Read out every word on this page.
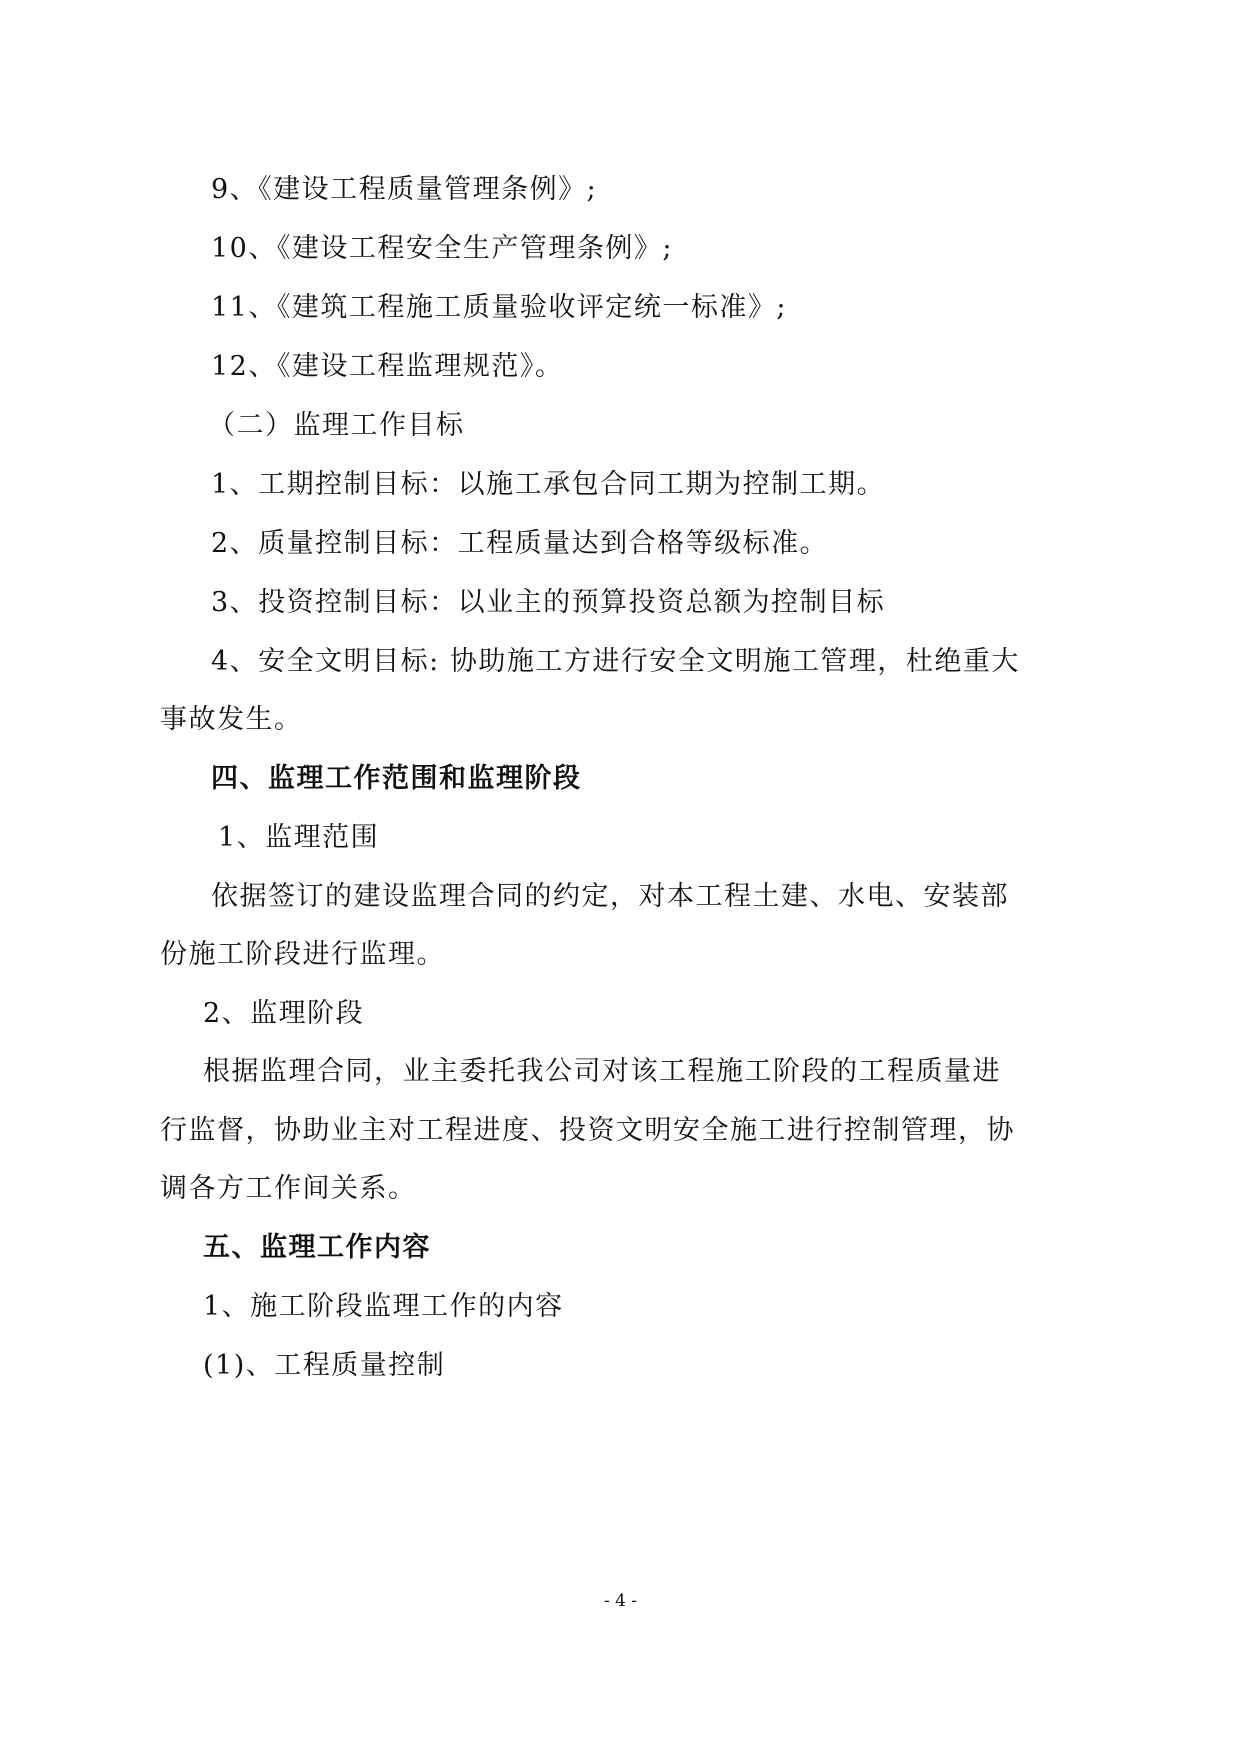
9、《建设工程质量管理条例》;
10、《建设工程安全生产管理条例》;
11、《建筑工程施工质量验收评定统一标准》;
12、《建设工程监理规范》。
（二）监理工作目标
1、工期控制目标：以施工承包合同工期为控制工期。
2、质量控制目标：工程质量达到合格等级标准。
3、投资控制目标：以业主的预算投资总额为控制目标
4、安全文明目标: 协助施工方进行安全文明施工管理，杜绝重大
事故发生。
四、监理工作范围和监理阶段
1、监理范围
依据签订的建设监理合同的约定，对本工程土建、水电、安装部
份施工阶段进行监理。
2、监理阶段
根据监理合同，业主委托我公司对该工程施工阶段的工程质量进
行监督，协助业主对工程进度、投资文明安全施工进行控制管理，协
调各方工作间关系。
五、监理工作内容
1、施工阶段监理工作的内容
(1)、工程质量控制
- 4 -
